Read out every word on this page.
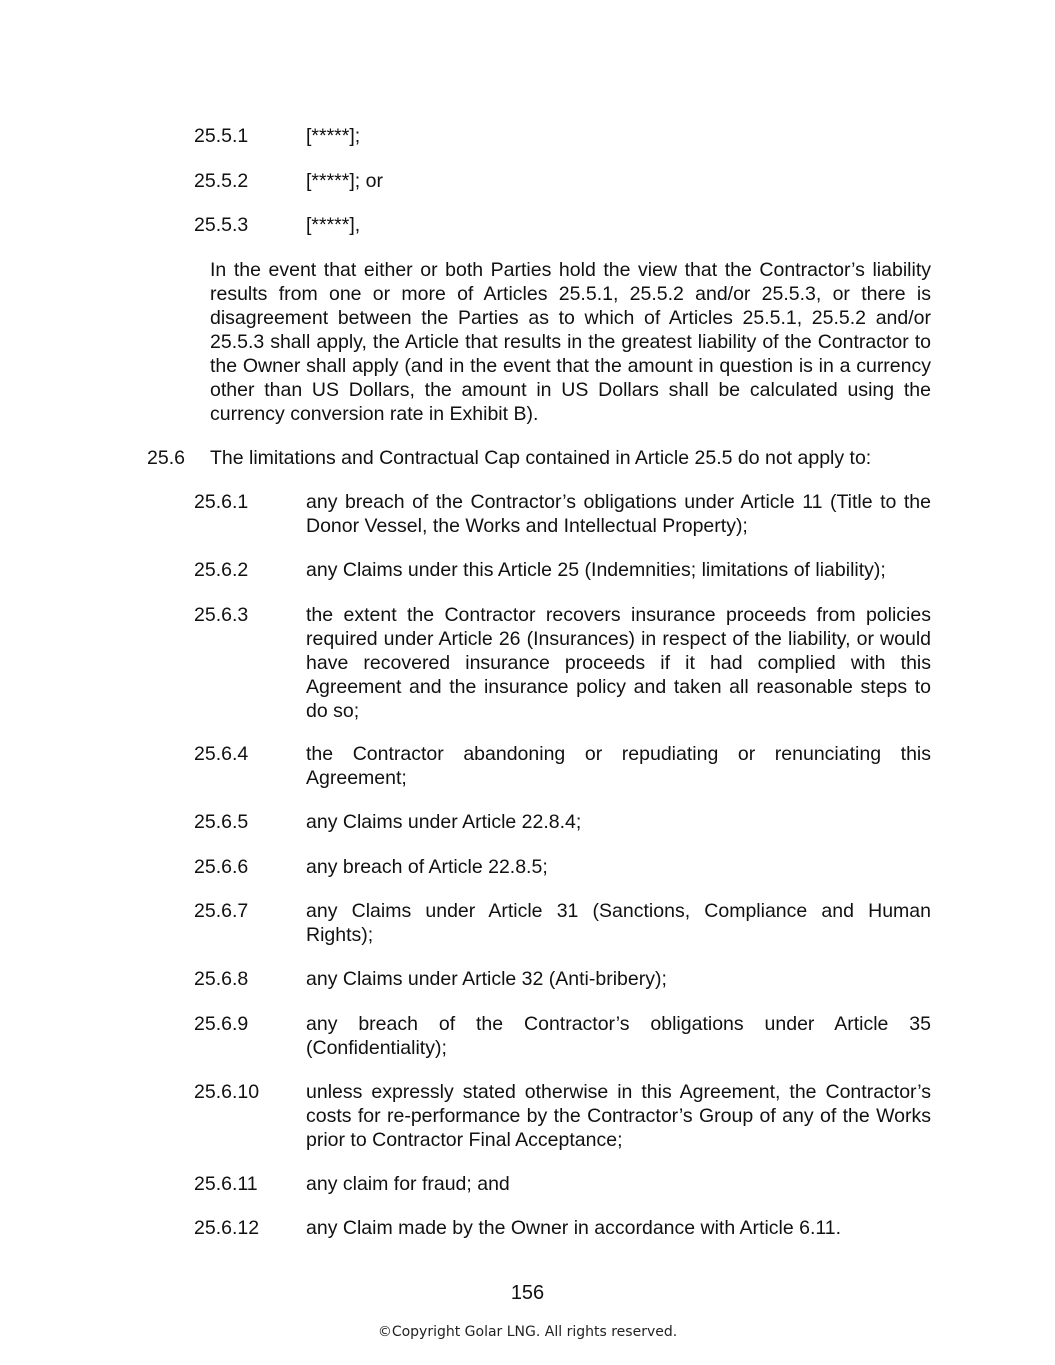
25.5.1	[*****];
25.5.2	[*****]; or
25.5.3	[*****],
In the event that either or both Parties hold the view that the Contractor’s liability results from one or more of Articles 25.5.1, 25.5.2 and/or 25.5.3, or there is disagreement between the Parties as to which of Articles 25.5.1, 25.5.2 and/or 25.5.3 shall apply, the Article that results in the greatest liability of the Contractor to the Owner shall apply (and in the event that the amount in question is in a currency other than US Dollars, the amount in US Dollars shall be calculated using the currency conversion rate in Exhibit B).
25.6 The limitations and Contractual Cap contained in Article 25.5 do not apply to:
25.6.1	any breach of the Contractor’s obligations under Article 11 (Title to the Donor Vessel, the Works and Intellectual Property);
25.6.2	any Claims under this Article 25 (Indemnities; limitations of liability);
25.6.3	the extent the Contractor recovers insurance proceeds from policies required under Article 26 (Insurances) in respect of the liability, or would have recovered insurance proceeds if it had complied with this Agreement and the insurance policy and taken all reasonable steps to do so;
25.6.4	the Contractor abandoning or repudiating or renunciating this Agreement;
25.6.5	any Claims under Article 22.8.4;
25.6.6	any breach of Article 22.8.5;
25.6.7	any Claims under Article 31 (Sanctions, Compliance and Human Rights);
25.6.8	any Claims under Article 32 (Anti-bribery);
25.6.9	any breach of the Contractor’s obligations under Article 35 (Confidentiality);
25.6.10 unless expressly stated otherwise in this Agreement, the Contractor’s costs for re-performance by the Contractor’s Group of any of the Works prior to Contractor Final Acceptance;
25.6.11 any claim for fraud; and
25.6.12 any Claim made by the Owner in accordance with Article 6.11.
156
©Copyright Golar LNG. All rights reserved.
